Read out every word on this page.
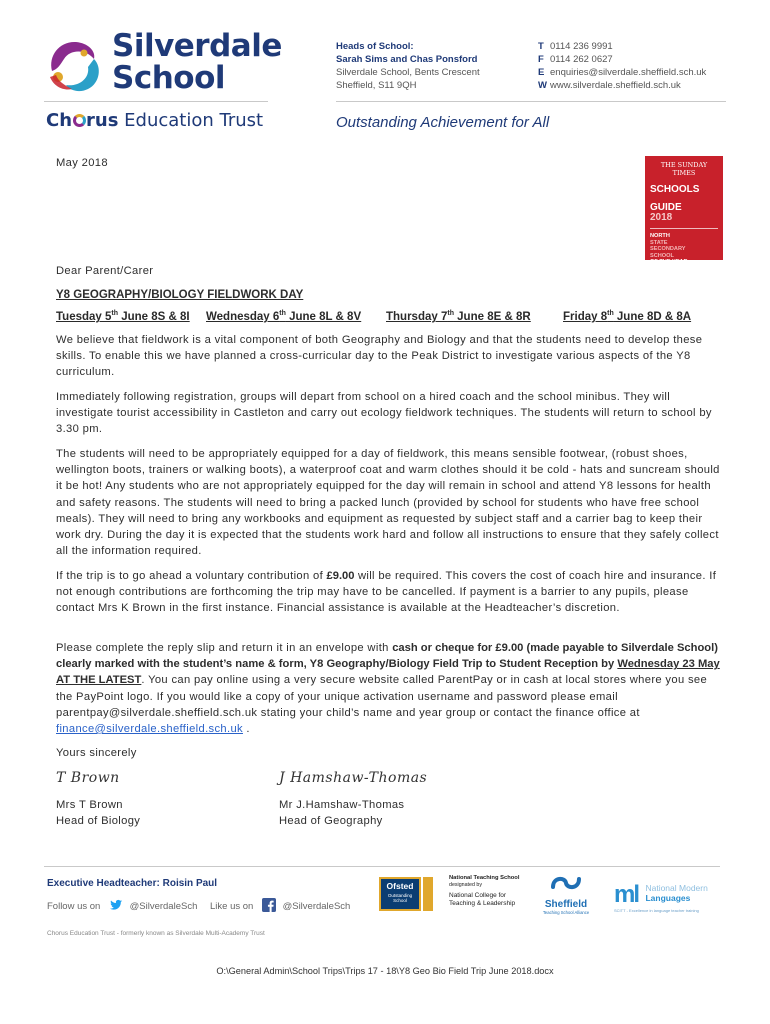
Silverdale
School
Ch rus Education Trust
Heads of School:
Sarah Sims and Chas Ponsford
Silverdale School, Bents Crescent
Sheffield, S11 9QH
T 0114 236 9991
F 0114 262 0627
E enquiries@silverdale.sheffield.sch.uk
W www.silverdale.sheffield.sch.uk
Outstanding Achievement for All
THE SUNDAY TIMES
SCHOOLS
GUIDE
2018
NORTH
STATE
SECONDARY
SCHOOL
OF THE YEAR
May 2018
Dear Parent/Carer
Y8 GEOGRAPHY/BIOLOGY FIELDWORK DAY
Tuesday 5th June 8S & 8I Wednesday 6th June 8L & 8V Thursday 7th June 8E & 8R	Friday 8th June 8D & 8A
We believe that fieldwork is a vital component of both Geography and Biology and that the students need to develop these skills. To enable this we have planned a cross-curricular day to the Peak District to investigate various aspects of the Y8 curriculum.
Immediately following registration, groups will depart from school on a hired coach and the school minibus. They will investigate tourist accessibility in Castleton and carry out ecology fieldwork techniques. The students will return to school by 3.30 pm.
The students will need to be appropriately equipped for a day of fieldwork, this means sensible footwear, (robust shoes, wellington boots, trainers or walking boots), a waterproof coat and warm clothes should it be cold - hats and suncream should it be hot! Any students who are not appropriately equipped for the day will remain in school and attend Y8 lessons for health and safety reasons. The students will need to bring a packed lunch (provided by school for students who have free school meals). They will need to bring any workbooks and equipment as requested by subject staff and a carrier bag to keep their work dry. During the day it is expected that the students work hard and follow all instructions to ensure that they safely collect all the information required.
If the trip is to go ahead a voluntary contribution of £9.00 will be required. This covers the cost of coach hire and insurance. If not enough contributions are forthcoming the trip may have to be cancelled. If payment is a barrier to any pupils, please contact Mrs K Brown in the first instance. Financial assistance is available at the Headteacher’s discretion.
Please complete the reply slip and return it in an envelope with cash or cheque for £9.00 (made payable to Silverdale School) clearly marked with the student’s name & form, Y8 Geography/Biology Field Trip to Student Reception by Wednesday 23 May AT THE LATEST. You can pay online using a very secure website called ParentPay or in cash at local stores where you see the PayPoint logo. If you would like a copy of your unique activation username and password please email parentpay@silverdale.sheffield.sch.uk stating your child’s name and year group or contact the finance office at finance@silverdale.sheffield.sch.uk .
Yours sincerely
T Brown	J Hamshaw-Thomas
Mrs T Brown
Head of Biology
Mr J.Hamshaw-Thomas
Head of Geography
Executive Headteacher: Roisin Paul
Follow us on	@SilverdaleSch Like us on	@SilverdaleSch
Chorus Education Trust - formerly known as Silverdale Multi-Academy Trust
Ofsted
Outstanding
School
National Teaching School
designated by
National College for Teaching & Leadership	Sheffield
Teaching School Alliance
ml National Modern
Languages
SCITT - Excellence in language teacher training
O:\General Admin\School Trips\Trips 17 - 18\Y8 Geo Bio Field Trip June 2018.docx
